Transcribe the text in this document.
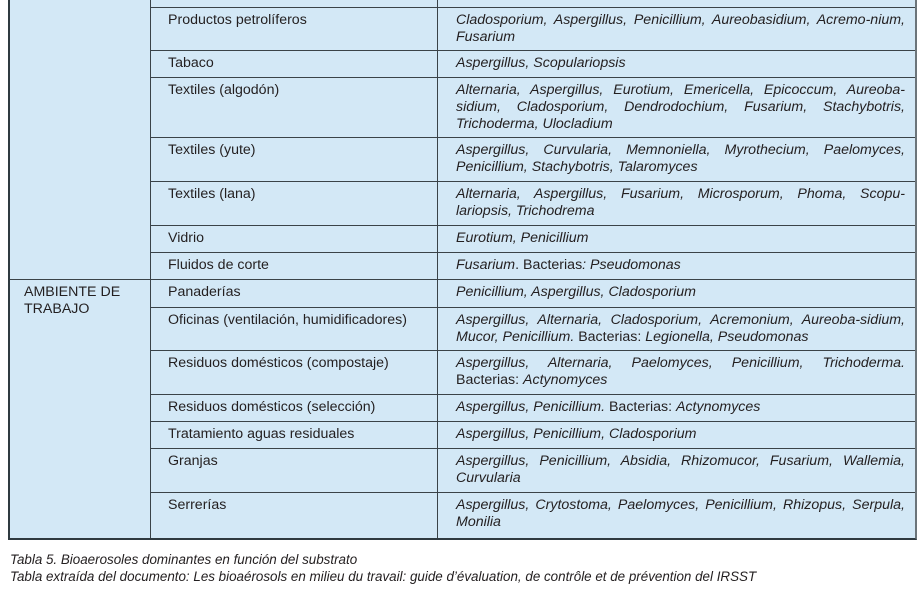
Productos petrolíferos	Cladosporium, Aspergillus, Penicillium, Aureobasidium, Acremo-​nium, Fusarium
Tabaco	Aspergillus, Scopulariopsis
Textiles (algodón)	Alternaria, Aspergillus, Eurotium, Emericella, Epicoccum, Aureoba-​sidium, Cladosporium, Dendrodochium, Fusarium, Stachybotris, Trichoderma, Ulocladium
Textiles (yute)	Aspergillus, Curvularia, Memnoniella, Myrothecium, Paelomyces, Penicillium, Stachybotris, Talaromyces
Textiles (lana)	Alternaria, Aspergillus, Fusarium, Microsporum, Phoma, Scopu-​lariopsis, Trichodrema
Vidrio	Eurotium, Penicillium
Fluidos de corte	Fusarium. Bacterias: Pseudomonas
Panaderías	Penicillium, Aspergillus, Cladosporium
Oficinas (ventilación, humidificadores)	Aspergillus, Alternaria, Cladosporium, Acremonium, Aureoba-​sidium, Mucor, Penicillium. Bacterias: Legionella, Pseudomonas
Residuos domésticos (compostaje)	Aspergillus, Alternaria, Paelomyces, Penicillium, Trichoderma. Bacterias: Actynomyces
Residuos domésticos (selección)	Aspergillus, Penicillium. Bacterias: Actynomyces
Tratamiento aguas residuales	Aspergillus, Penicillium, Cladosporium
Granjas	Aspergillus, Penicillium, Absidia, Rhizomucor, Fusarium, Wallemia, Curvularia
Serrerías	Aspergillus, Crytostoma, Paelomyces, Penicillium, Rhizopus, Serpula, Monilia
AMBIENTE DE TRABAJO
Tabla 5. Bioaerosoles dominantes en función del substrato
Tabla extraída del documento: Les bioaérosols en milieu du travail: guide d’évaluation, de contrôle et de prévention del IRSST
